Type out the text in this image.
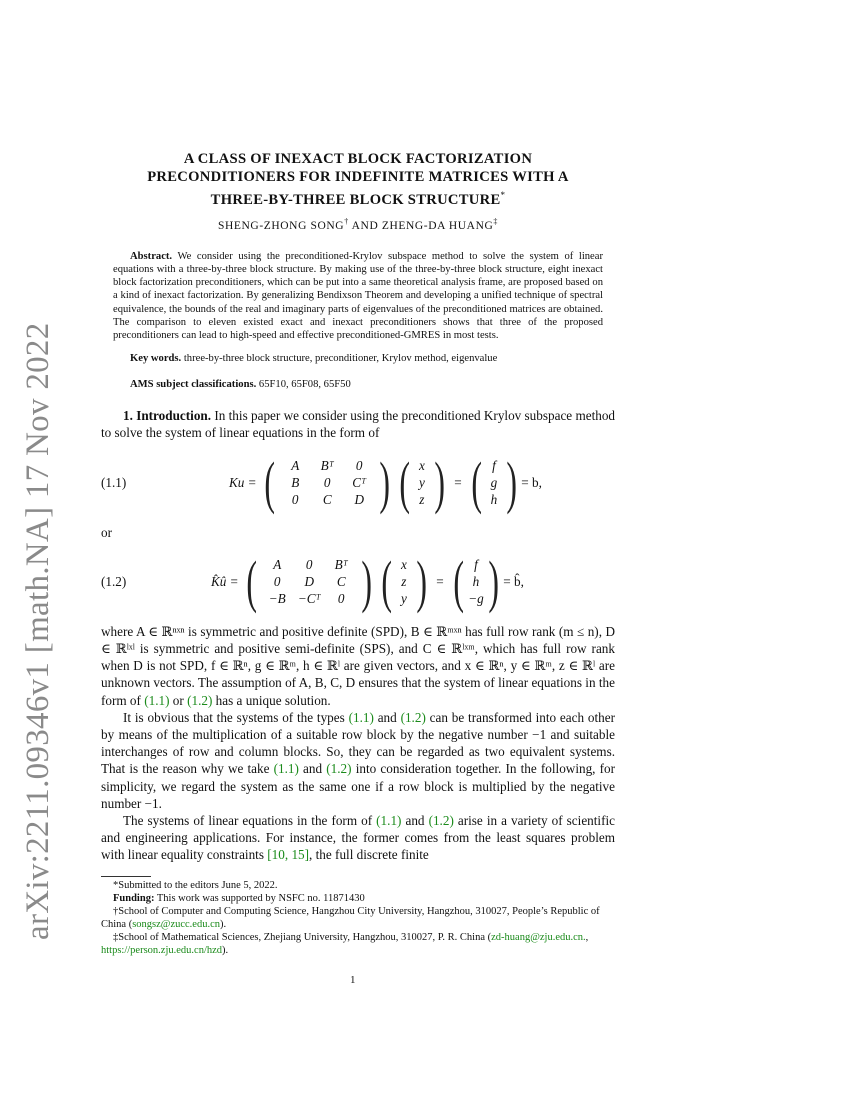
arXiv:2211.09346v1 [math.NA] 17 Nov 2022
A CLASS OF INEXACT BLOCK FACTORIZATION
PRECONDITIONERS FOR INDEFINITE MATRICES WITH A
THREE-BY-THREE BLOCK STRUCTURE*
SHENG-ZHONG SONG† AND ZHENG-DA HUANG‡
Abstract. We consider using the preconditioned-Krylov subspace method to solve the system of linear equations with a three-by-three block structure. By making use of the three-by-three block structure, eight inexact block factorization preconditioners, which can be put into a same theoretical analysis frame, are proposed based on a kind of inexact factorization. By generalizing Bendixson Theorem and developing a unified technique of spectral equivalence, the bounds of the real and imaginary parts of eigenvalues of the preconditioned matrices are obtained. The comparison to eleven existed exact and inexact preconditioners shows that three of the proposed preconditioners can lead to high-speed and effective preconditioned-GMRES in most tests.
Key words. three-by-three block structure, preconditioner, Krylov method, eigenvalue
AMS subject classifications. 65F10, 65F08, 65F50

1. Introduction. In this paper we consider using the preconditioned Krylov subspace method to solve the system of linear equations in the form of

(1.1)	Ku =
(	A	Bᵀ	0
B	0	Cᵀ
0	C	D ) ( x
y
z ) = ( f
g
h ) = b,

or

(1.2)	K̂û =
(	A	0	Bᵀ
0	D	C
−B −Cᵀ	0 ) ( x
z
y ) = ( f
h
−g ) = b̂,

where A ∈ ℝⁿˣⁿ is symmetric and positive definite (SPD), B ∈ ℝᵐˣⁿ has full row rank (m ≤ n), D ∈ ℝˡˣˡ is symmetric and positive semi-definite (SPS), and C ∈ ℝˡˣᵐ, which has full row rank when D is not SPD, f ∈ ℝⁿ, g ∈ ℝᵐ, h ∈ ℝˡ are given vectors, and x ∈ ℝⁿ, y ∈ ℝᵐ, z ∈ ℝˡ are unknown vectors. The assumption of A, B, C, D ensures that the system of linear equations in the form of (1.1) or (1.2) has a unique solution.

It is obvious that the systems of the types (1.1) and (1.2) can be transformed into each other by means of the multiplication of a suitable row block by the negative number −1 and suitable interchanges of row and column blocks. So, they can be regarded as two equivalent systems. That is the reason why we take (1.1) and (1.2) into consideration together. In the following, for simplicity, we regard the system as the same one if a row block is multiplied by the negative number −1.

The systems of linear equations in the form of (1.1) and (1.2) arise in a variety of scientific and engineering applications. For instance, the former comes from the least squares problem with linear equality constraints [10, 15], the full discrete finite

*Submitted to the editors June 5, 2022.

Funding: This work was supported by NSFC no. 11871430

†School of Computer and Computing Science, Hangzhou City University, Hangzhou, 310027, People’s Republic of China (songsz@zucc.edu.cn).

‡School of Mathematical Sciences, Zhejiang University, Hangzhou, 310027, P. R. China (zd-huang@zju.edu.cn., https://person.zju.edu.cn/hzd).

1
